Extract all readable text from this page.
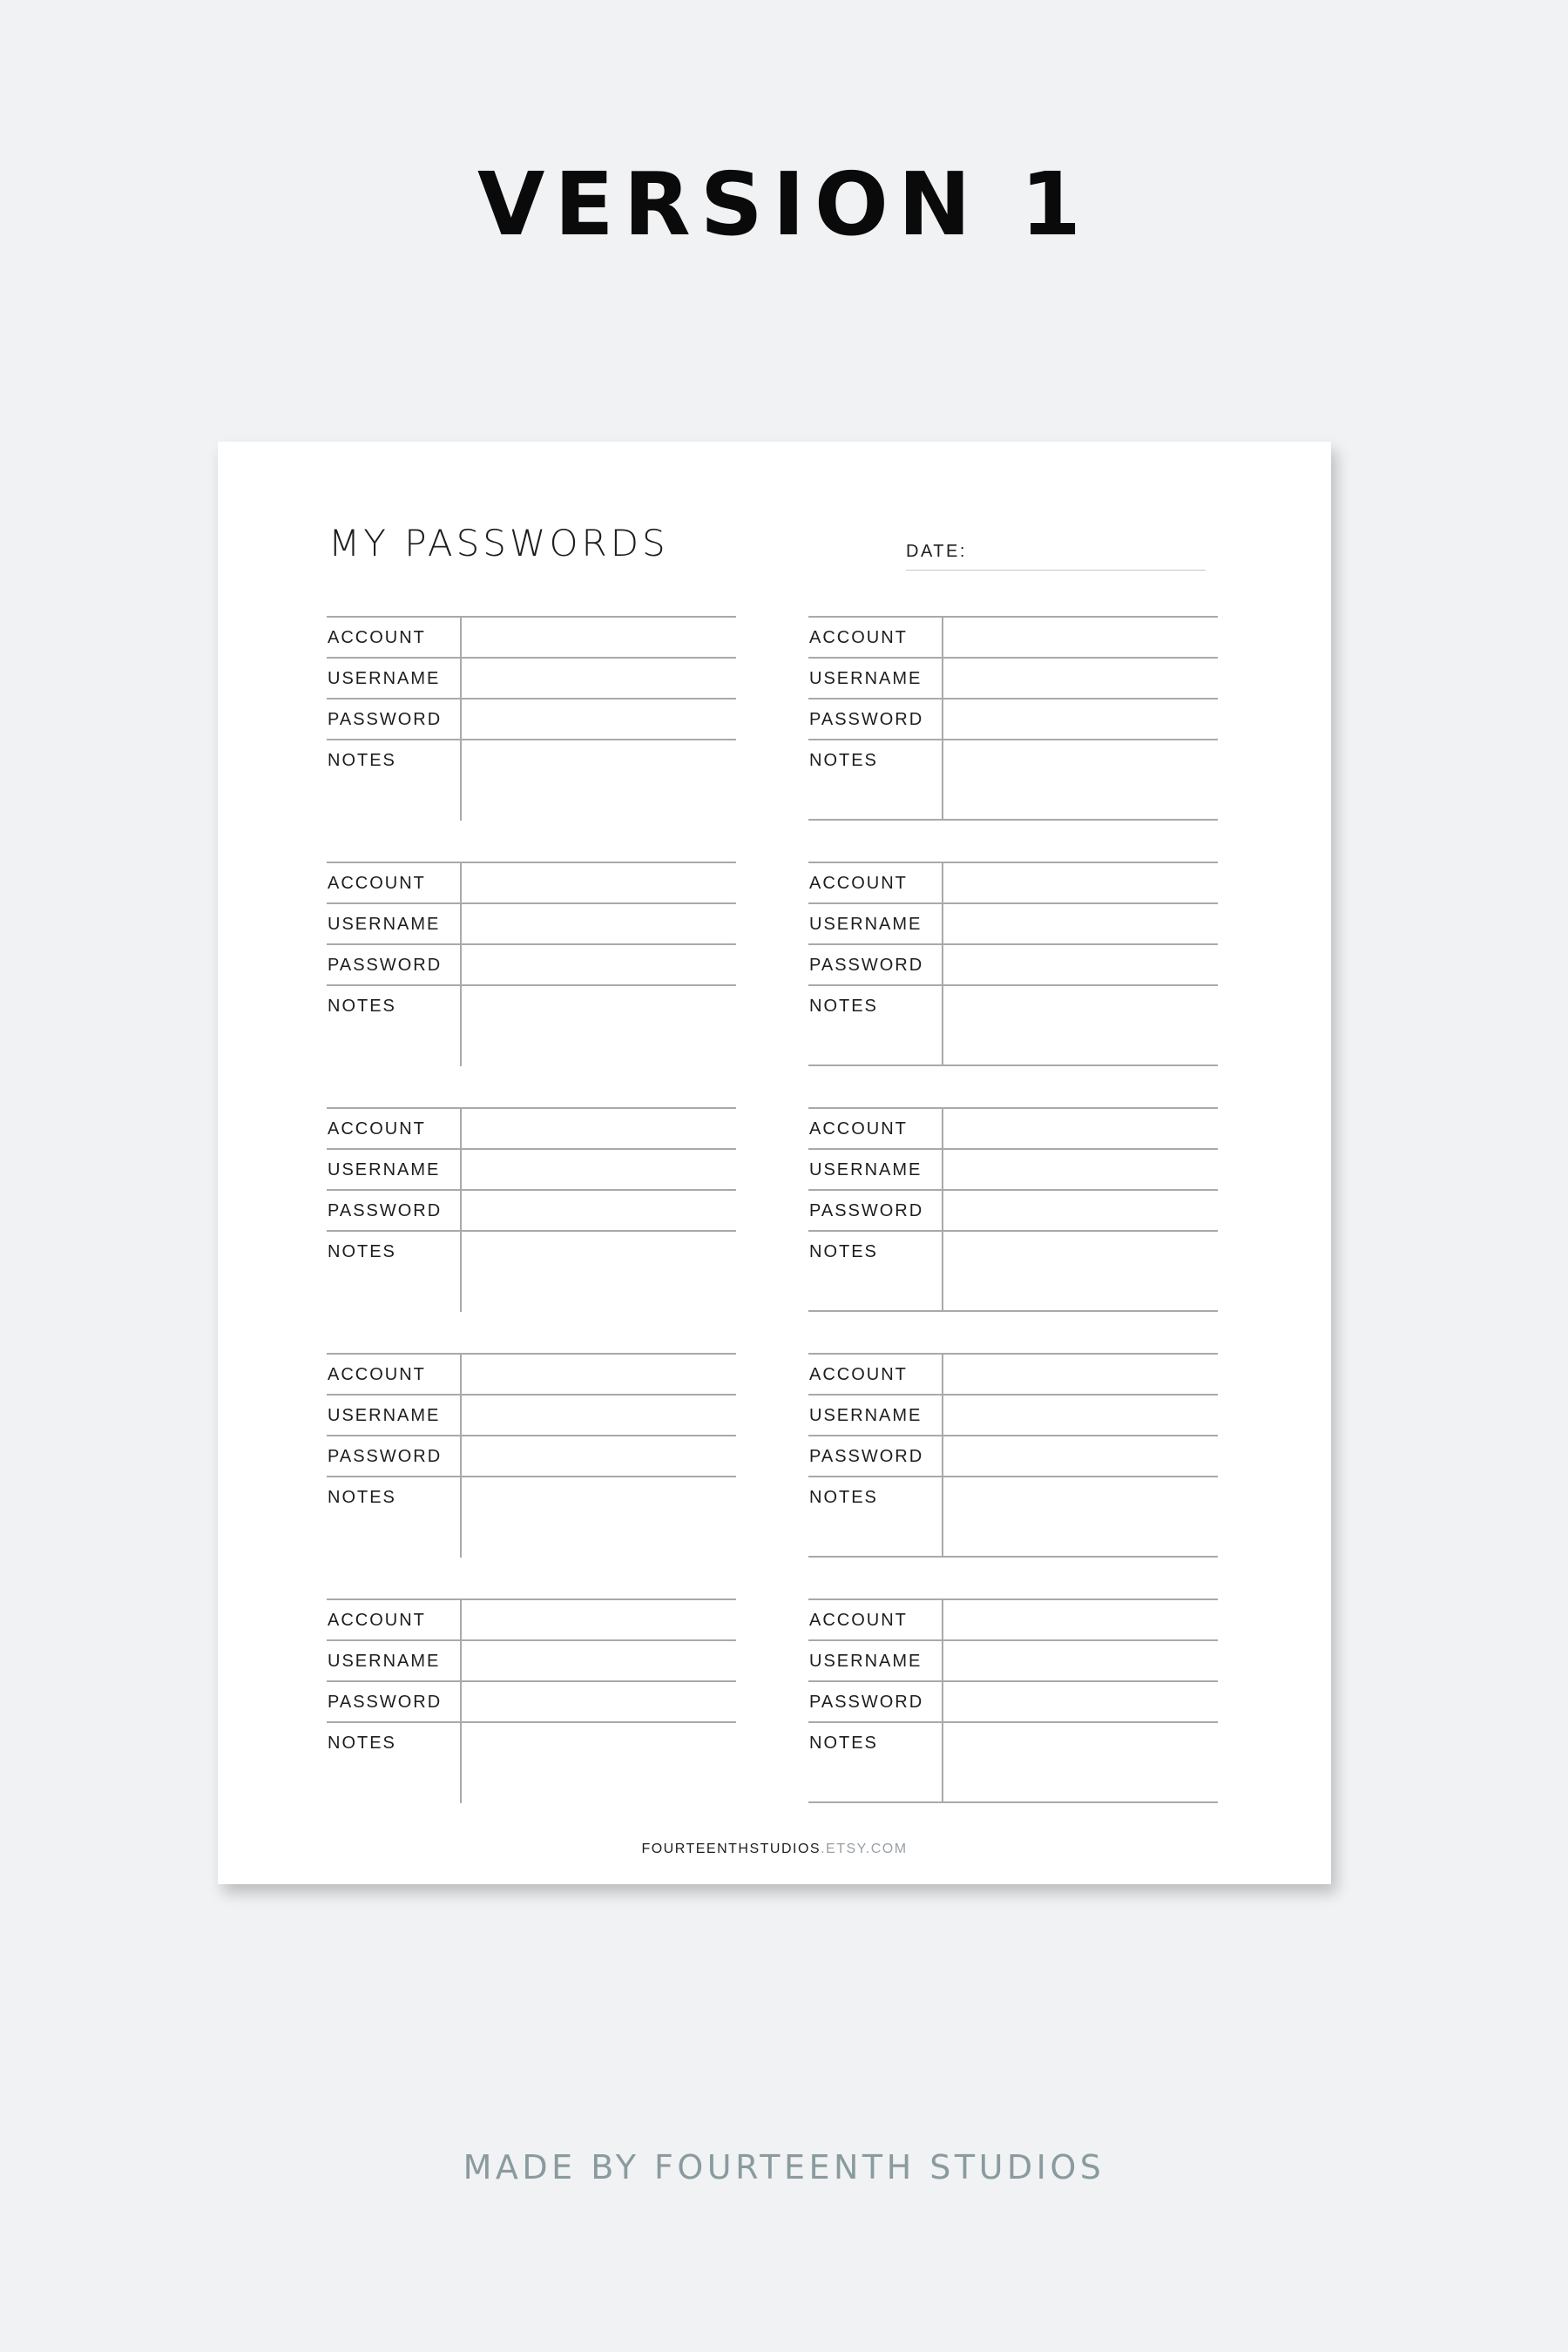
VERSION 1
MY PASSWORDS	DATE:
ACCOUNT
USERNAME
PASSWORD
NOTES
ACCOUNT
USERNAME
PASSWORD
NOTES
ACCOUNT
USERNAME
PASSWORD
NOTES
ACCOUNT
USERNAME
PASSWORD
NOTES
ACCOUNT
USERNAME
PASSWORD
NOTES
ACCOUNT
USERNAME
PASSWORD
NOTES
ACCOUNT
USERNAME
PASSWORD
NOTES
ACCOUNT
USERNAME
PASSWORD
NOTES
ACCOUNT
USERNAME
PASSWORD
NOTES
ACCOUNT
USERNAME
PASSWORD
NOTES
FOURTEENTHSTUDIOS.ETSY.COM
MADE BY FOURTEENTH STUDIOS
